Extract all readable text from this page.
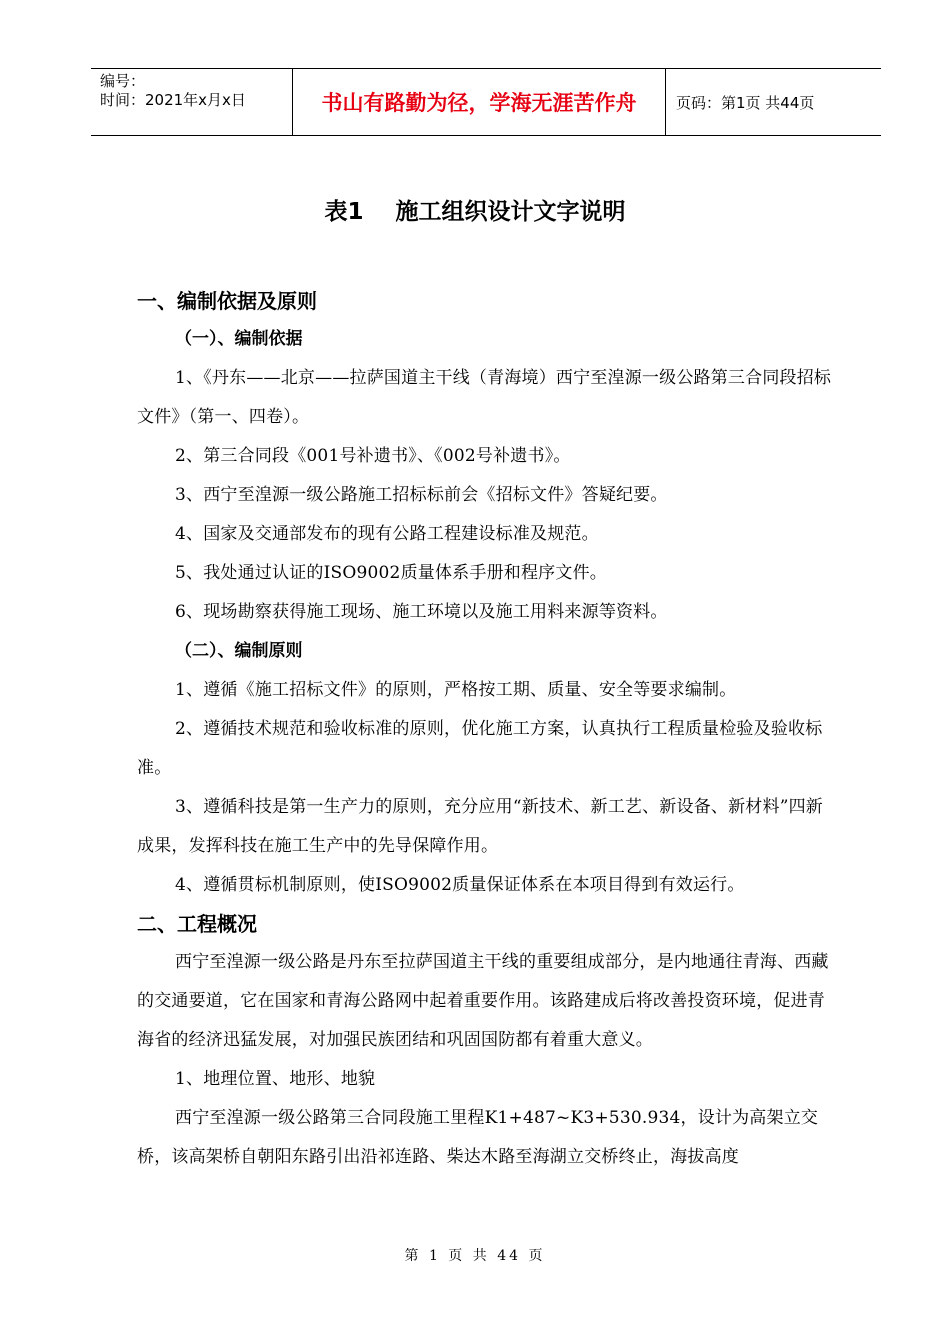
编号：
时间：2021年x月x日	书山有路勤为径，学海无涯苦作舟	页码：第1页 共44页
表1    施工组织设计文字说明

一、编制依据及原则

（一）、编制依据

1、《丹东——北京——拉萨国道主干线（青海境）西宁至湟源一级公路第三合同段招标文件》（第一、四卷）。

2、第三合同段《001号补遗书》、《002号补遗书》。

3、西宁至湟源一级公路施工招标标前会《招标文件》答疑纪要。

4、国家及交通部发布的现有公路工程建设标准及规范。

5、我处通过认证的ISO9002质量体系手册和程序文件。

6、现场勘察获得施工现场、施工环境以及施工用料来源等资料。

（二）、编制原则

1、遵循《施工招标文件》的原则，严格按工期、质量、安全等要求编制。

2、遵循技术规范和验收标准的原则，优化施工方案，认真执行工程质量检验及验收标准。

3、遵循科技是第一生产力的原则，充分应用“新技术、新工艺、新设备、新材料”四新成果，发挥科技在施工生产中的先导保障作用。

4、遵循贯标机制原则，使ISO9002质量保证体系在本项目得到有效运行。

二、工程概况

西宁至湟源一级公路是丹东至拉萨国道主干线的重要组成部分，是内地通往青海、西藏的交通要道，它在国家和青海公路网中起着重要作用。该路建成后将改善投资环境，促进青海省的经济迅猛发展，对加强民族团结和巩固国防都有着重大意义。

1、地理位置、地形、地貌

西宁至湟源一级公路第三合同段施工里程K1+487~K3+530.934，设计为高架立交桥，该高架桥自朝阳东路引出沿祁连路、柴达木路至海湖立交桥终止，海拔高度

第 1 页 共 44 页
